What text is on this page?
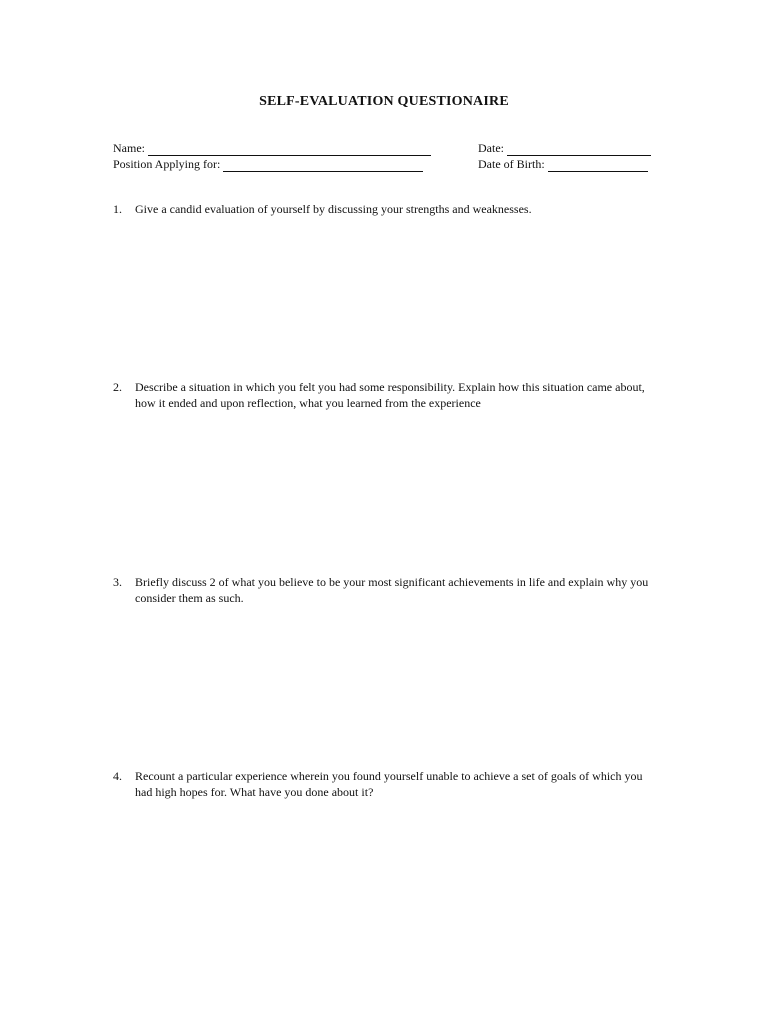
SELF-EVALUATION QUESTIONAIRE
Name:	Date:
Position Applying for:	Date of Birth:
1.	Give a candid evaluation of yourself by discussing your strengths and weaknesses.
2.	Describe a situation in which you felt you had some responsibility. Explain how this situation came about, how it ended and upon reflection, what you learned from the experience
3.	Briefly discuss 2 of what you believe to be your most significant achievements in life and explain why you consider them as such.
4.	Recount a particular experience wherein you found yourself unable to achieve a set of goals of which you had high hopes for. What have you done about it?
